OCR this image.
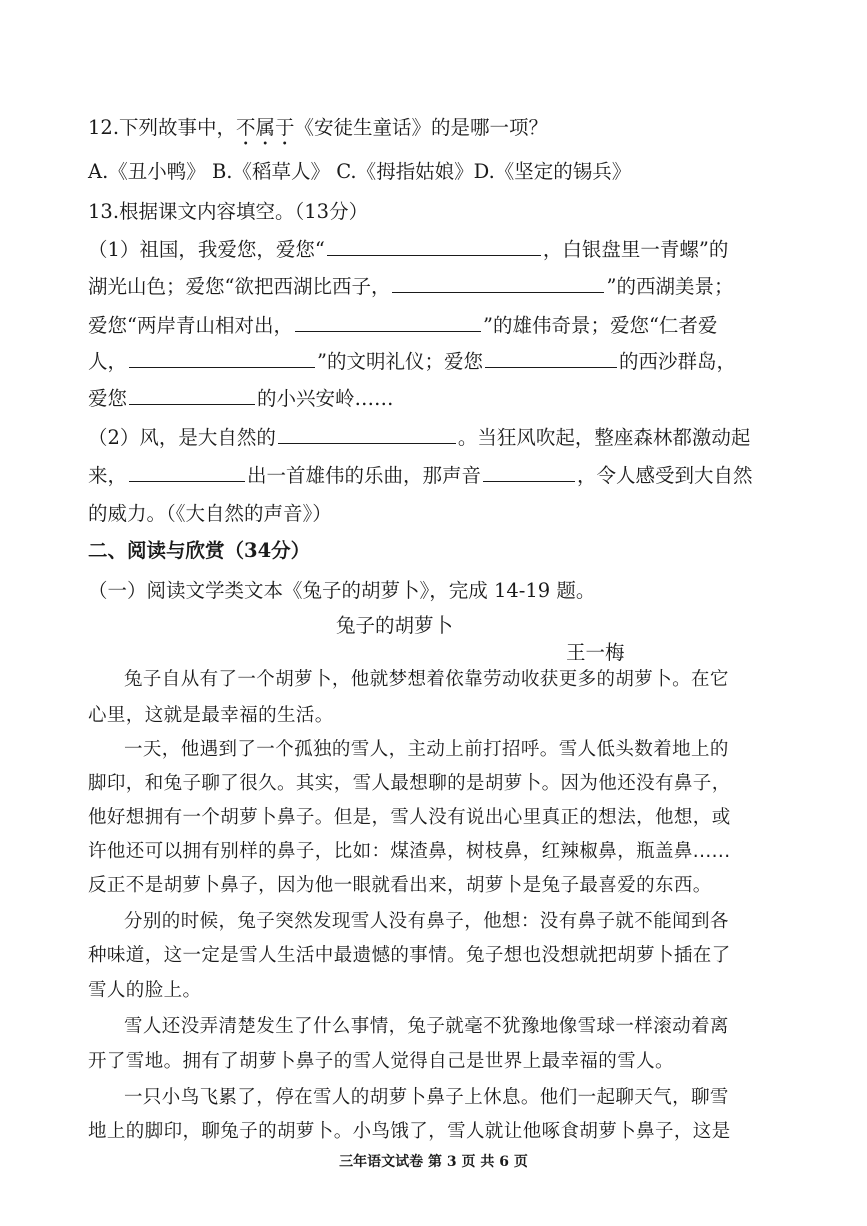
12.下列故事中，不属于《安徒生童话》的是哪一项？
A.《丑小鸭》 B.《稻草人》 C.《拇指姑娘》D.《坚定的锡兵》
13.根据课文内容填空。（13分）
（1）祖国，我爱您，爱您“	，白银盘里一青螺”的
湖光山色；爱您“欲把西湖比西子，	”的西湖美景；
爱您“两岸青山相对出，	”的雄伟奇景；爱您“仁者爱
人，	”的文明礼仪；爱您	的西沙群岛，
爱您	的小兴安岭……
（2）风，是大自然的	。当狂风吹起，整座森林都激动起
来，	出一首雄伟的乐曲，那声音	，令人感受到大自然
的威力。（《大自然的声音》）
二、阅读与欣赏（34分）
（一）阅读文学类文本《兔子的胡萝卜》，完成 14-19 题。
兔子的胡萝卜
王一梅
兔子自从有了一个胡萝卜，他就梦想着依靠劳动收获更多的胡萝卜。在它
心里，这就是最幸福的生活。
一天，他遇到了一个孤独的雪人，主动上前打招呼。雪人低头数着地上的
脚印，和兔子聊了很久。其实，雪人最想聊的是胡萝卜。因为他还没有鼻子，
他好想拥有一个胡萝卜鼻子。但是，雪人没有说出心里真正的想法，他想，或
许他还可以拥有别样的鼻子，比如：煤渣鼻，树枝鼻，红辣椒鼻，瓶盖鼻......
反正不是胡萝卜鼻子，因为他一眼就看出来，胡萝卜是兔子最喜爱的东西。
分别的时候，兔子突然发现雪人没有鼻子，他想：没有鼻子就不能闻到各
种味道，这一定是雪人生活中最遗憾的事情。兔子想也没想就把胡萝卜插在了
雪人的脸上。
雪人还没弄清楚发生了什么事情，兔子就毫不犹豫地像雪球一样滚动着离
开了雪地。拥有了胡萝卜鼻子的雪人觉得自己是世界上最幸福的雪人。
一只小鸟飞累了，停在雪人的胡萝卜鼻子上休息。他们一起聊天气，聊雪
地上的脚印，聊兔子的胡萝卜。小鸟饿了，雪人就让他啄食胡萝卜鼻子，这是
三年语文试卷 第 3 页 共 6 页
